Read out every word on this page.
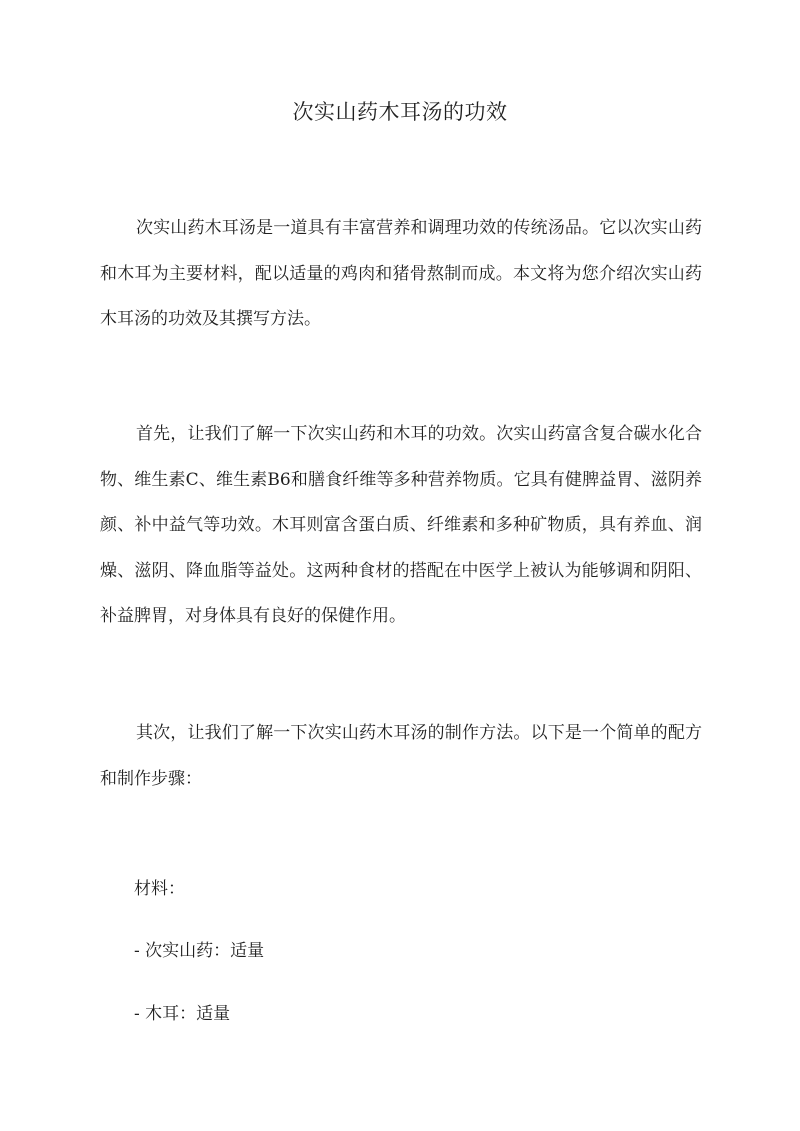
次实山药木耳汤的功效

次实山药木耳汤是一道具有丰富营养和调理功效的传统汤品。它以次实山药和木耳为主要材料，配以适量的鸡肉和猪骨熬制而成。本文将为您介绍次实山药木耳汤的功效及其撰写方法。

首先，让我们了解一下次实山药和木耳的功效。次实山药富含复合碳水化合物、维生素C、维生素B6和膳食纤维等多种营养物质。它具有健脾益胃、滋阴养颜、补中益气等功效。木耳则富含蛋白质、纤维素和多种矿物质，具有养血、润燥、滋阴、降血脂等益处。这两种食材的搭配在中医学上被认为能够调和阴阳、补益脾胃，对身体具有良好的保健作用。

其次，让我们了解一下次实山药木耳汤的制作方法。以下是一个简单的配方和制作步骤：

材料：

- 次实山药：适量

- 木耳：适量
